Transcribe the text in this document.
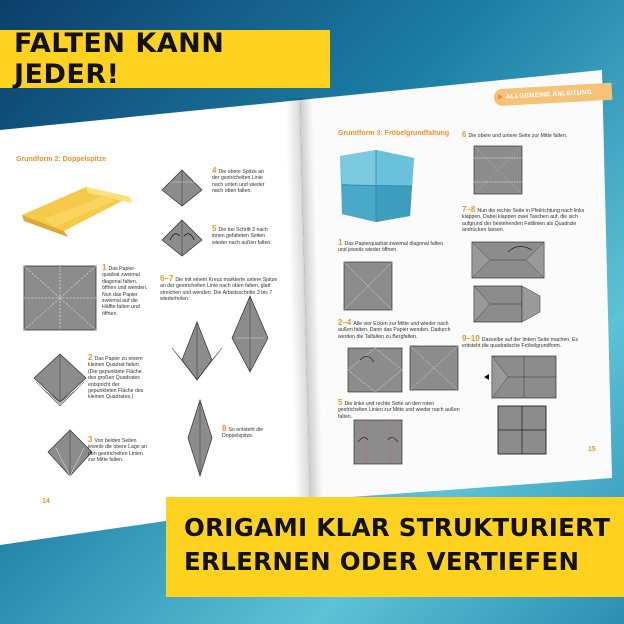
Grundform 2: Doppelspitze
1 Das Papier-quadrat zweimal diagonal falten, öffnen und wenden. Nun das Papier zweimal auf die Hälfte falten und öffnen.
2 Das Papier zu einem kleinen Quadrat falten. (Die gepunktete Fläche des großen Quadrates entspricht der gepunkteten Fläche des kleinen Quadrates.)
3 Von beiden Seiten jeweils die obere Lage an den gestrichelten Linien zur Mitte falten.
4 Die obere Spitze an der gestrichelten Linie nach unten und wieder nach oben falten.
5 Die bei Schritt 3 nach innen gefalteten Seiten wieder nach außen falten.
6–7 Die mit einem Kreuz markierte untere Spitze an der gestrichelten Linie nach oben falten, glatt streichen und wenden. Die Arbeitsschritte 3 bis 7 wiederholen.
8 So entsteht die Doppelspitze.
14
ALLGEMEINE ANLEITUNG
Grundform 3: Fröbelgrundfaltung
1 Das Papierquadrat zweimal diagonal falten und jeweils wieder öffnen.
2–4 Alle vier Ecken zur Mitte und wieder nach außen falten. Dann das Papier wenden. Dadurch werden die Talfalten zu Bergfalten.
5 Die linke und rechte Seite an den roten gestrichelten Linien zur Mitte und wieder nach außen falten.
6 Die obere und untere Seite zur Mitte falten.
7–8 Nun die rechte Seite in Pfeilrichtung nach links klappen. Dabei klappen zwei Taschen auf, die sich aufgrund der bestehenden Faltlinien als Quadrate andrücken lassen.
9–10 Dasselbe auf der linken Seite machen. Es entsteht die quadratische Fröbelgrundform.
15
FALTEN KANN JEDER!
ORIGAMI KLAR STRUKTURIERT
ERLERNEN ODER VERTIEFEN
